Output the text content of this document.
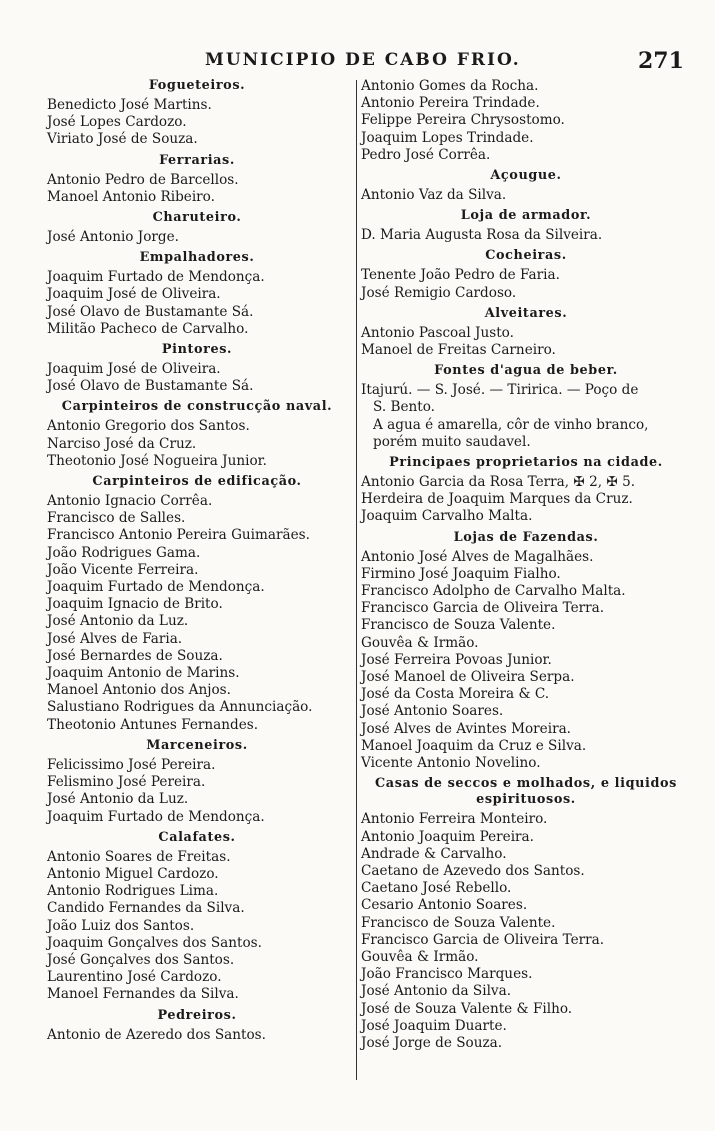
MUNICIPIO DE CABO FRIO.	271
Fogueteiros.
Benedicto José Martins.
José Lopes Cardozo.
Viriato José de Souza.
Ferrarias.
Antonio Pedro de Barcellos.
Manoel Antonio Ribeiro.
Charuteiro.
José Antonio Jorge.
Empalhadores.
Joaquim Furtado de Mendonça.
Joaquim José de Oliveira.
José Olavo de Bustamante Sá.
Militão Pacheco de Carvalho.
Pintores.
Joaquim José de Oliveira.
José Olavo de Bustamante Sá.
Carpinteiros de construcção naval.
Antonio Gregorio dos Santos.
Narciso José da Cruz.
Theotonio José Nogueira Junior.
Carpinteiros de edificação.
Antonio Ignacio Corrêa.
Francisco de Salles.
Francisco Antonio Pereira Guimarães.
João Rodrigues Gama.
João Vicente Ferreira.
Joaquim Furtado de Mendonça.
Joaquim Ignacio de Brito.
José Antonio da Luz.
José Alves de Faria.
José Bernardes de Souza.
Joaquim Antonio de Marins.
Manoel Antonio dos Anjos.
Salustiano Rodrigues da Annunciação.
Theotonio Antunes Fernandes.
Marceneiros.
Felicissimo José Pereira.
Felismino José Pereira.
José Antonio da Luz.
Joaquim Furtado de Mendonça.
Calafates.
Antonio Soares de Freitas.
Antonio Miguel Cardozo.
Antonio Rodrigues Lima.
Candido Fernandes da Silva.
João Luiz dos Santos.
Joaquim Gonçalves dos Santos.
José Gonçalves dos Santos.
Laurentino José Cardozo.
Manoel Fernandes da Silva.
Pedreiros.
Antonio de Azeredo dos Santos.
Antonio Gomes da Rocha.
Antonio Pereira Trindade.
Felippe Pereira Chrysostomo.
Joaquim Lopes Trindade.
Pedro José Corrêa.
Açougue.
Antonio Vaz da Silva.
Loja de armador.
D. Maria Augusta Rosa da Silveira.
Cocheiras.
Tenente João Pedro de Faria.
José Remigio Cardoso.
Alveitares.
Antonio Pascoal Justo.
Manoel de Freitas Carneiro.
Fontes d'agua de beber.
Itajurú. — S. José. — Tiririca. — Poço de
S. Bento.
A agua é amarella, côr de vinho branco,
porém muito saudavel.
Principaes proprietarios na cidade.
Antonio Garcia da Rosa Terra, ✠ 2, ✠ 5.
Herdeira de Joaquim Marques da Cruz.
Joaquim Carvalho Malta.
Lojas de Fazendas.
Antonio José Alves de Magalhães.
Firmino José Joaquim Fialho.
Francisco Adolpho de Carvalho Malta.
Francisco Garcia de Oliveira Terra.
Francisco de Souza Valente.
Gouvêa & Irmão.
José Ferreira Povoas Junior.
José Manoel de Oliveira Serpa.
José da Costa Moreira & C.
José Antonio Soares.
José Alves de Avintes Moreira.
Manoel Joaquim da Cruz e Silva.
Vicente Antonio Novelino.
Casas de seccos e molhados, e liquidos espirituosos.
Antonio Ferreira Monteiro.
Antonio Joaquim Pereira.
Andrade & Carvalho.
Caetano de Azevedo dos Santos.
Caetano José Rebello.
Cesario Antonio Soares.
Francisco de Souza Valente.
Francisco Garcia de Oliveira Terra.
Gouvêa & Irmão.
João Francisco Marques.
José Antonio da Silva.
José de Souza Valente & Filho.
José Joaquim Duarte.
José Jorge de Souza.
